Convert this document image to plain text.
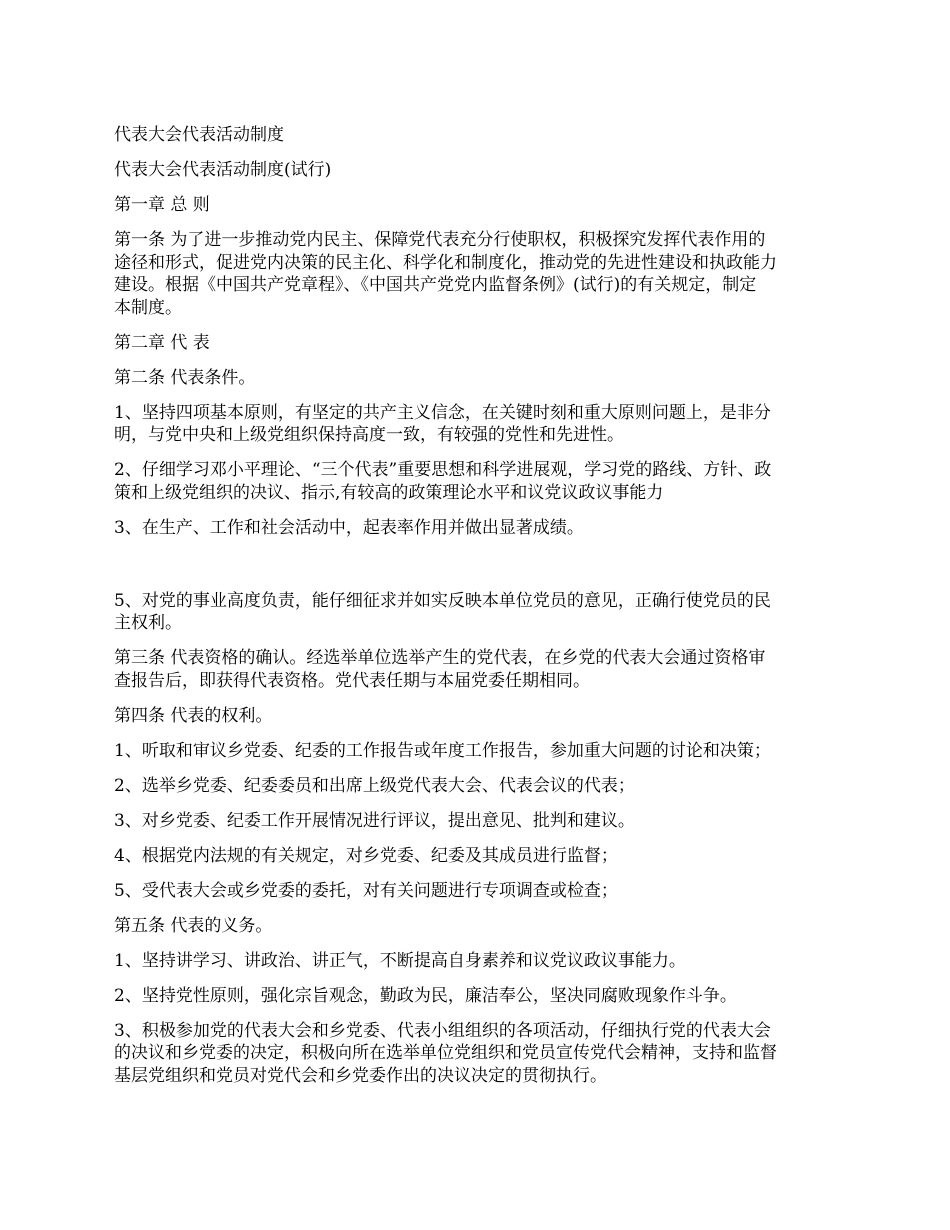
代表大会代表活动制度

代表大会代表活动制度(试行)

第一章 总 则

第一条 为了进一步推动党内民主、保障党代表充分行使职权，积极探究发挥代表作用的
途径和形式，促进党内决策的民主化、科学化和制度化，推动党的先进性建设和执政能力
建设。根据《中国共产党章程》、《中国共产党党内监督条例》(试行)的有关规定，制定
本制度。

第二章 代 表

第二条 代表条件。

1、坚持四项基本原则，有坚定的共产主义信念，在关键时刻和重大原则问题上，是非分
明，与党中央和上级党组织保持高度一致，有较强的党性和先进性。

2、仔细学习邓小平理论、“三个代表”重要思想和科学进展观，学习党的路线、方针、政
策和上级党组织的决议、指示,有较高的政策理论水平和议党议政议事能力

3、在生产、工作和社会活动中，起表率作用并做出显著成绩。

5、对党的事业高度负责，能仔细征求并如实反映本单位党员的意见，正确行使党员的民
主权利。

第三条 代表资格的确认。经选举单位选举产生的党代表，在乡党的代表大会通过资格审
查报告后，即获得代表资格。党代表任期与本届党委任期相同。

第四条 代表的权利。

1、听取和审议乡党委、纪委的工作报告或年度工作报告，参加重大问题的讨论和决策；

2、选举乡党委、纪委委员和出席上级党代表大会、代表会议的代表；

3、对乡党委、纪委工作开展情况进行评议，提出意见、批判和建议。

4、根据党内法规的有关规定，对乡党委、纪委及其成员进行监督；

5、受代表大会或乡党委的委托，对有关问题进行专项调查或检查；

第五条 代表的义务。

1、坚持讲学习、讲政治、讲正气，不断提高自身素养和议党议政议事能力。

2、坚持党性原则，强化宗旨观念，勤政为民，廉洁奉公，坚决同腐败现象作斗争。

3、积极参加党的代表大会和乡党委、代表小组组织的各项活动，仔细执行党的代表大会
的决议和乡党委的决定，积极向所在选举单位党组织和党员宣传党代会精神，支持和监督
基层党组织和党员对党代会和乡党委作出的决议决定的贯彻执行。
